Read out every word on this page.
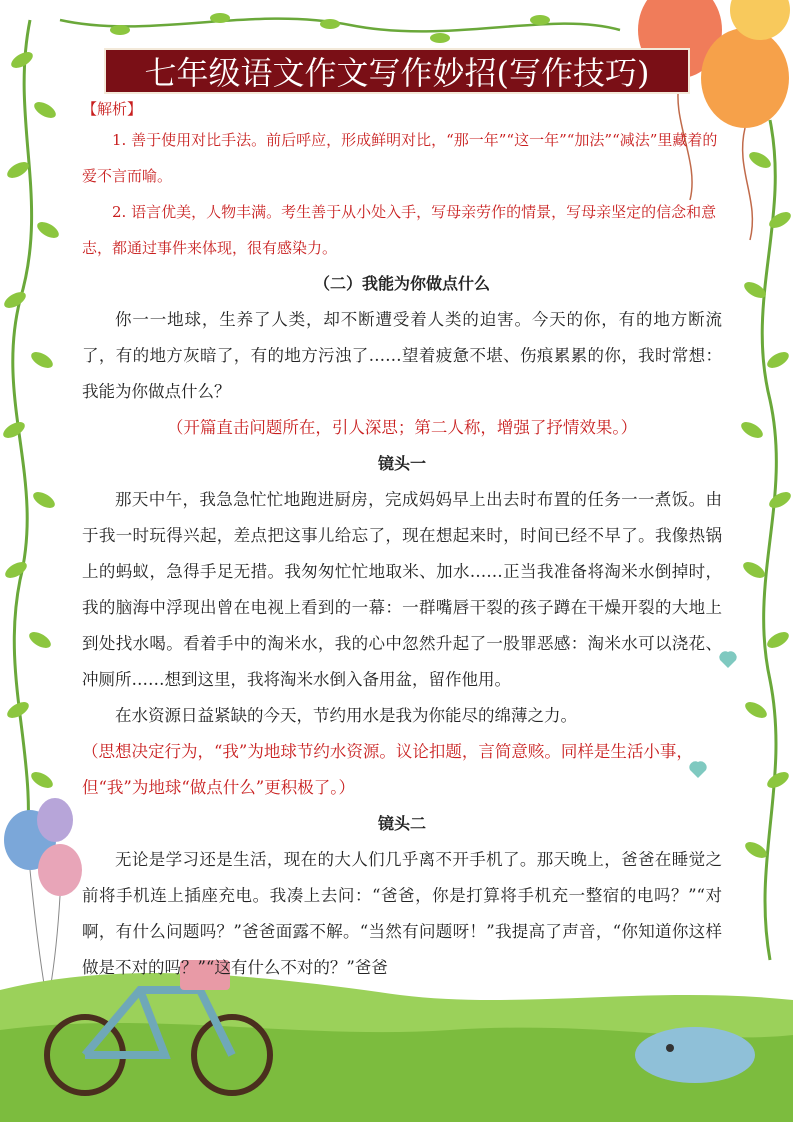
七年级语文作文写作妙招(写作技巧)

【解析】

1. 善于使用对比手法。前后呼应，形成鲜明对比，“那一年”“这一年”“加法”“减法”里藏着的爱不言而喻。

2. 语言优美，人物丰满。考生善于从小处入手，写母亲劳作的情景，写母亲坚定的信念和意志，都通过事件来体现，很有感染力。

（二）我能为你做点什么

你一一地球，生养了人类，却不断遭受着人类的迫害。今天的你，有的地方断流了，有的地方灰暗了，有的地方污浊了……望着疲惫不堪、伤痕累累的你，我时常想：我能为你做点什么？

（开篇直击问题所在，引人深思；第二人称，增强了抒情效果。）

镜头一

那天中午，我急急忙忙地跑进厨房，完成妈妈早上出去时布置的任务一一煮饭。由于我一时玩得兴起，差点把这事儿给忘了，现在想起来时，时间已经不早了。我像热锅上的蚂蚁，急得手足无措。我匆匆忙忙地取米、加水……正当我准备将淘米水倒掉时，我的脑海中浮现出曾在电视上看到的一幕：一群嘴唇干裂的孩子蹲在干燥开裂的大地上到处找水喝。看着手中的淘米水，我的心中忽然升起了一股罪恶感：淘米水可以浇花、冲厕所……想到这里，我将淘米水倒入备用盆，留作他用。

在水资源日益紧缺的今天，节约用水是我为你能尽的绵薄之力。

（思想决定行为，“我”为地球节约水资源。议论扣题，言简意赅。同样是生活小事，但“我”为地球“做点什么”更积极了。）

镜头二

无论是学习还是生活，现在的大人们几乎离不开手机了。那天晚上，爸爸在睡觉之前将手机连上插座充电。我凑上去问：“爸爸，你是打算将手机充一整宿的电吗？”“对啊，有什么问题吗？”爸爸面露不解。“当然有问题呀！”我提高了声音，“你知道你这样做是不对的吗？”“这有什么不对的？”爸爸
